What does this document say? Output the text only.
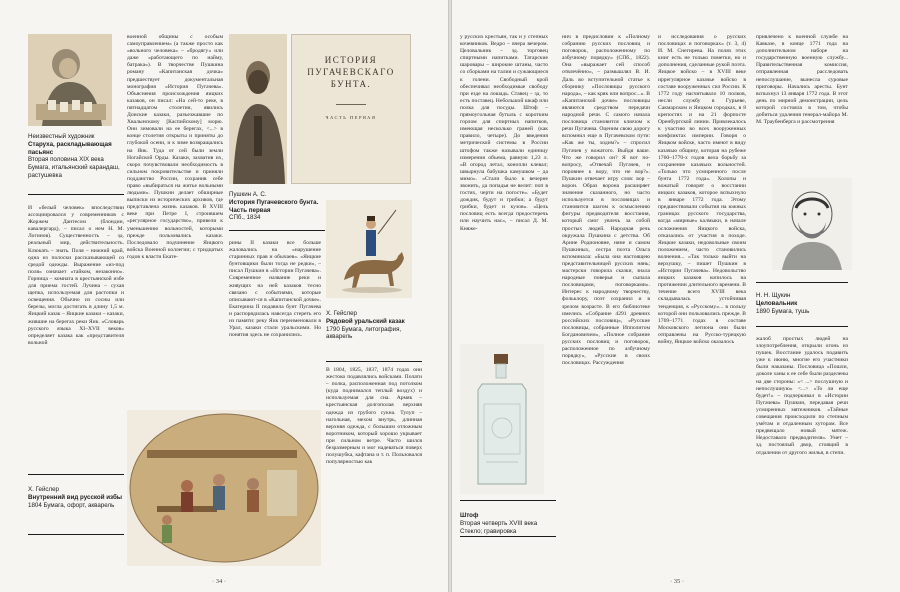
Неизвестный художник
Старуха, раскладывающая пасьянс
Вторая половина XIX века Бумага, итальянский карандаш, растушевка
И «белый человек» впоследствии ассоциировался у современников с Жоржем Дантесом (блондин, кавалергард), – писал о нем Н. М. Логинов). Существенность – зд. реальный мир, действительность. Клюкать – знать. Поля – нижний край, одна из полоски рассказывающей со средой одежды. Выражение «из-под поля» означает «тайком, незаконно». Горница – комната в крестьянской избе для приема гостей. Лучина – сухая щепка, используемая для растопки и освещения. Обычно из сосны или березы, могла достигать в длину 1,5 м. Яицкий казак – Яицкие казаки – казаки, жившие на берегах реки Яик. «Словарь русского языка XI–XVII веков» определяет казака как «представителя вольной
военной общины с особым самоуправлением» (а также просто как «вольного человека» – «бродягу» или даже «работающего по найму, батрака»). В творчестве Пушкина роману «Капитанская дочка» предшествует документальная монография «История Пугачева». Объяснения происхождения яицких казаков, он писал: «На сей-то реке, в пятнадцатом столетии, явились Донские казаки, разъезжавшие по Хвалынскому [Каспийскому] морю. Они зимовали на ее берегах, <...> в конце столетия открыты и приняты до глубокой осени, и к зиме возвращались на Яик. Туда от сей были земли Ногайской Орды. Казаки, захватив их, скоро почувствовали необходимость в сильном покровительстве и приняли подданство России, сохранив себе право «выбираться на житье вольными людьми». Пушкин делает обширные выписки из исторических архивов, где представлена жизнь казаков. В XVIII веке при Петре I, строившем «регулярное государство», привели к уменьшению вольностей, которыми прежде пользовались казаки. Последовало подчинение Яицкого войска Военной коллегии; с тридцатых годов к власти Екате-
ИСТОРИЯ
ПУГАЧЕВСКАГО
БУНТА.
ЧАСТЬ ПЕРВАЯ
Пушкин А. С.
История Пугачевского бунта. Часть первая
СПб., 1834
рины II казаки все больше жаловались на «нарушение старинных прав и обычаев». «Яицкие бунтовщики были тогда не редки», – писал Пушкин в «Истории Пугачева». Современное название реки и живущих на ней казаков тесно связано с событиями, которые описывают-ся в «Капитанской дочке». Екатерина II подавила бунт Пугачева и распорядилась навсегда стереть его из памяти: реку Яик переименовали в Урал, казаки стали уральскими. Но понятия здесь не сохранились.
Х. Гейслер
Рядовой уральский казак
1790 Бумага, литография, акварель
В 1804, 1825, 1837, 1874 годах они жестоко подавлялись войсками. Полати – полка, расположенная под потолком (куда поднимался теплый воздух) и используемая для сна. Армяк – крестьянская долгополая верхняя одежда из грубого сукна. Тулуп – нагольная, мехом внутрь, длинная верхняя одежда, с большим отложным воротником, который хорошо укрывает при сильном ветре. Часто шился безразмерным и мог надеваться поверх полушубка, кафтана и т. п. Пользовался популярностью как
Х. Гейслер
Внутренний вид русской избы
1804 Бумага, офорт, акварель
· 34 ·
у русских крестьян, так и у степных кочевников. Ведро – вчера вечером. Целовальник – зд. торговец спиртными напитками. Татарские шаровары – широкие штаны, часто со сборками на талии и сужающиеся к голени. Свободный крой обеспечивал необходимые свободу при езде на лошадь. Ставец – зд. то есть поставец. Небольшой шкаф или полка для посуды. Штоф – прямоугольная бутыль с коротким горлом для спиртных напитков, имеющая несколько граней (как правило, четыре). До введения метрической системы в России штофом также называли единицу измерения объема, равную 1,23 л. «В огород летал, конопли клевал; швырнула бабушка камушком – да мимо». «Стали было к вечерне звонить, да попадья не велит: поп в гостях, черти на погосте». «Будет дождик, будут и грибки; а будут грибки, будет и кузов». «Цель пословиц есть всегда предостеречь или научить нас», – писал Д. М. Княже-
Штоф
Вторая четверть XVIII века Стекло; гравировка
нич в предисловии к «Полному собранию русских пословиц и поговорок, расположенному по азбучному порядку» (СПб., 1822). Она «выражает сей способ отвлечённо», – размышлял В. И. Даль во вступительной статье к сборнику «Пословицы русского народа», – как кряк или вопрос...». В «Капитанской дочке» пословицы являются средством передачи народной речи. С самого начала пословица становится ключом к речи Пугачева. Оценим свою дорогу вспомнил еще в Пугачевском пути: «Как же ты, ходим?» – спросил Пугачев у вожатого. Выйдя ваше. Что же говорил он? Я вот по-вопросу, «Отвечай Пугачев, и поровнее к вору, что не вор?». Пушкин отвечает игру слов: вор – ворон. Образ ворона расширяет значение сказанного, но часто используется в пословицах и становится шагом к осмыслению фигуры предводителя восстания, который смог увлечь за собой простых людей. Народная речь окружала Пушкина с детства. Об Арине Родионовне, няне и самом Пушкиных, сестра поэта Ольга вспоминала: «Была она настоящею представительницей русских нянь; мастерски говорила сказки, знала народные поверья и сыпала пословицами, поговорками». Интерес к народному творчеству, фольклору, поэт сохранил и в зрелом возрасте. В его библиотеке имелись «Собрание 4291 древних российских пословиц», «Русские пословицы, собранные Ипполитом Богдановичем», «Полное собрание русских пословиц и поговорок, расположенное по азбучному порядку», «Русские в своих пословицах. Рассуждения
и исследования о русских пословицах и поговорках» (т. 3, 4) И. М. Снегирева. На полях этих книг есть не только пометки, но и дополнения, сделанные рукой поэта. Яицкое войско – в XVIII веке иррегулярное казачье войско в составе вооруженных сил России. К 1772 году насчитывало 10 полков, несли службу в Гурьеве, Сакмарском и Яицком городках, в 8 крепостях и на 21 форпосте Оренбургской линии. Привлекалось к участию во всех вооруженных конфликтах империи. Говоря о Яицком войске, часто имеют в виду казачью общину, которая на рубеже 1760–1770-х годов вела борьбу за сохранение казачьих вольностей. «Только что усмиренного после бунта 1772 года». Холопы и вожатый говорят о восстании яицких казаков, которое вспыхнуло в январе 1772 года. Этому предшествовали события на южных границах русского государства, когда «мирные» калмыки, в начале осложнения Яицкого войска, отказались от участия в походе. Яицкие казаки, недовольные своим положением, часто становились волнения... «Так только выйти на верхушку, – пишет Пушкин в «Истории Пугачева». Недовольство яицких казаков копилось на протяжении длительного времени. В течение всего XVIII века складывалась устойчивая тенденция, к «Русскому»... в пользу которой они пользовались прежде. В 1769–1771 годах в составе Московского легиона они были отправлены на Русско-турецкую войну, Яицкое войско оказалось
привлечено к военной службе на Кавказе, в конце 1771 года на дополнительном наборе на государственную военную службу... Правительственная комиссия, отправленная расследовать непослушание, вынесла суровые приговоры. Начались аресты. Бунт вспыхнул 13 января 1772 года. В этот день по мирной демонстрации, цель которой состояла в том, чтобы добиться удаления генерал-майора М. М. Траубенберга и рассмотрения
Н. Н. Щукин
Целовальник
1890 Бумага, тушь
жалоб простых людей на злоупотребления, открыли огонь из пушек. Восстание удалось подавить уже к июню, многие его участники были наказаны. Пословица «Пошли, доколе ханы к ее себе были разделены на две стороны: «< ...> послушную и непослушную» <...> «То ли еще будет!» – подчеркивал в «Истории Пугачева» Пушкин, передавая речи усмиренных мятежников. «Тайные совещания происходили по степным умётам и отдаленным хуторам. Все предвещало новый мятеж. Недоставало предводителя». Умет – зд. постоялый двор, стоящий в отдалении от другого жилья, в степи.
· 35 ·
